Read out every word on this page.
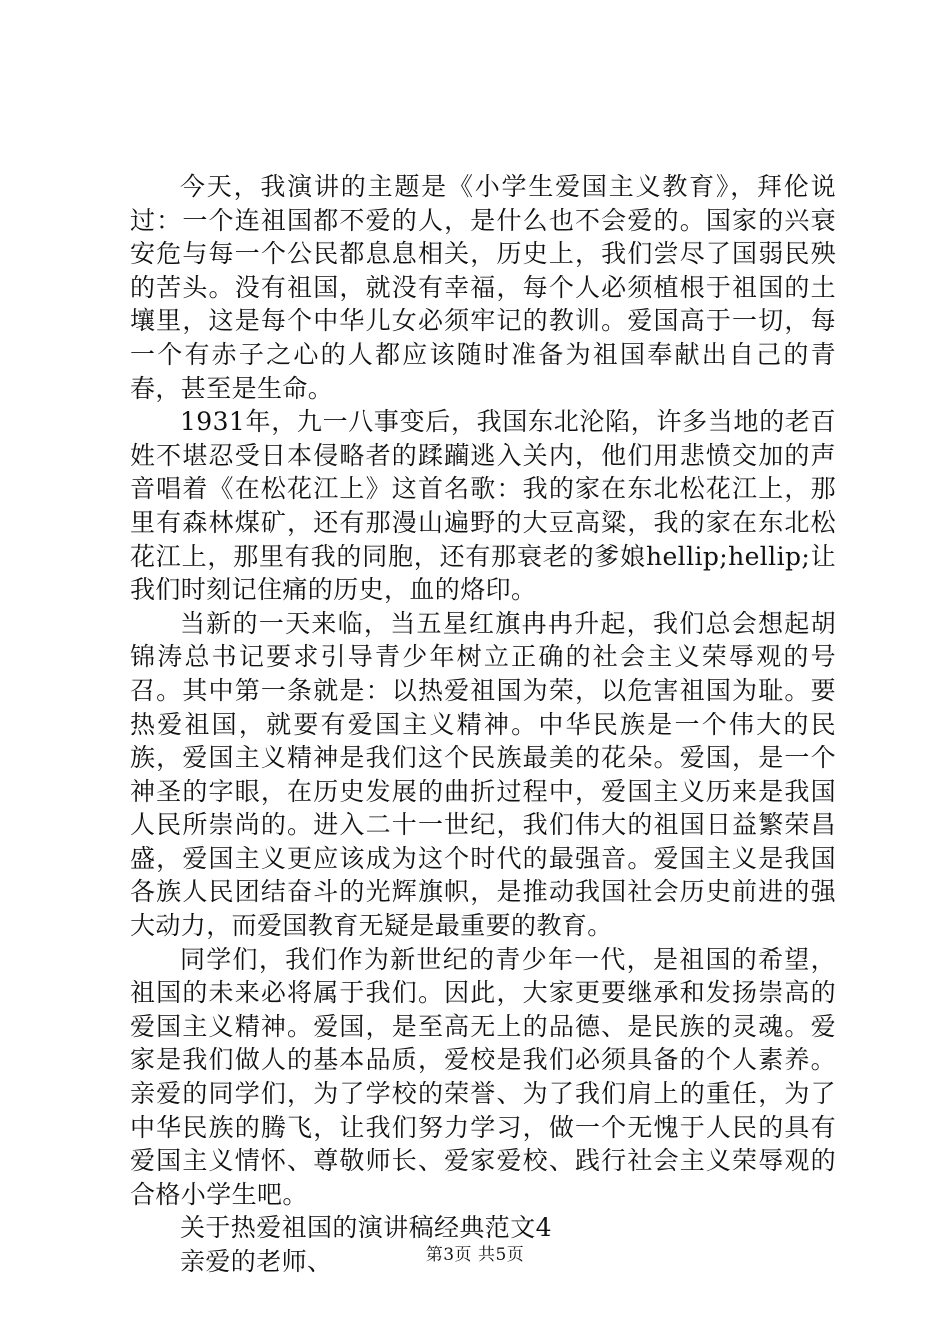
今天，我演讲的主题是《小学生爱国主义教育》，拜伦说过：一个连祖国都不爱的人，是什么也不会爱的。国家的兴衰安危与每一个公民都息息相关，历史上，我们尝尽了国弱民殃的苦头。没有祖国，就没有幸福，每个人必须植根于祖国的土壤里，这是每个中华儿女必须牢记的教训。爱国高于一切，每一个有赤子之心的人都应该随时准备为祖国奉献出自己的青春，甚至是生命。

1931年，九一八事变后，我国东北沦陷，许多当地的老百姓不堪忍受日本侵略者的蹂躏逃入关内，他们用悲愤交加的声音唱着《在松花江上》这首名歌：我的家在东北松花江上，那里有森林煤矿，还有那漫山遍野的大豆高粱，我的家在东北松花江上，那里有我的同胞，还有那衰老的爹娘hellip;hellip;让我们时刻记住痛的历史，血的烙印。

当新的一天来临，当五星红旗冉冉升起，我们总会想起胡锦涛总书记要求引导青少年树立正确的社会主义荣辱观的号召。其中第一条就是：以热爱祖国为荣，以危害祖国为耻。要热爱祖国，就要有爱国主义精神。中华民族是一个伟大的民族，爱国主义精神是我们这个民族最美的花朵。爱国，是一个神圣的字眼，在历史发展的曲折过程中，爱国主义历来是我国人民所崇尚的。进入二十一世纪，我们伟大的祖国日益繁荣昌盛，爱国主义更应该成为这个时代的最强音。爱国主义是我国各族人民团结奋斗的光辉旗帜，是推动我国社会历史前进的强大动力，而爱国教育无疑是最重要的教育。

同学们，我们作为新世纪的青少年一代，是祖国的希望，祖国的未来必将属于我们。因此，大家更要继承和发扬崇高的爱国主义精神。爱国，是至高无上的品德、是民族的灵魂。爱家是我们做人的基本品质，爱校是我们必须具备的个人素养。亲爱的同学们，为了学校的荣誉、为了我们肩上的重任，为了中华民族的腾飞，让我们努力学习，做一个无愧于人民的具有爱国主义情怀、尊敬师长、爱家爱校、践行社会主义荣辱观的合格小学生吧。

关于热爱祖国的演讲稿经典范文4

亲爱的老师、	第3页 共5页
